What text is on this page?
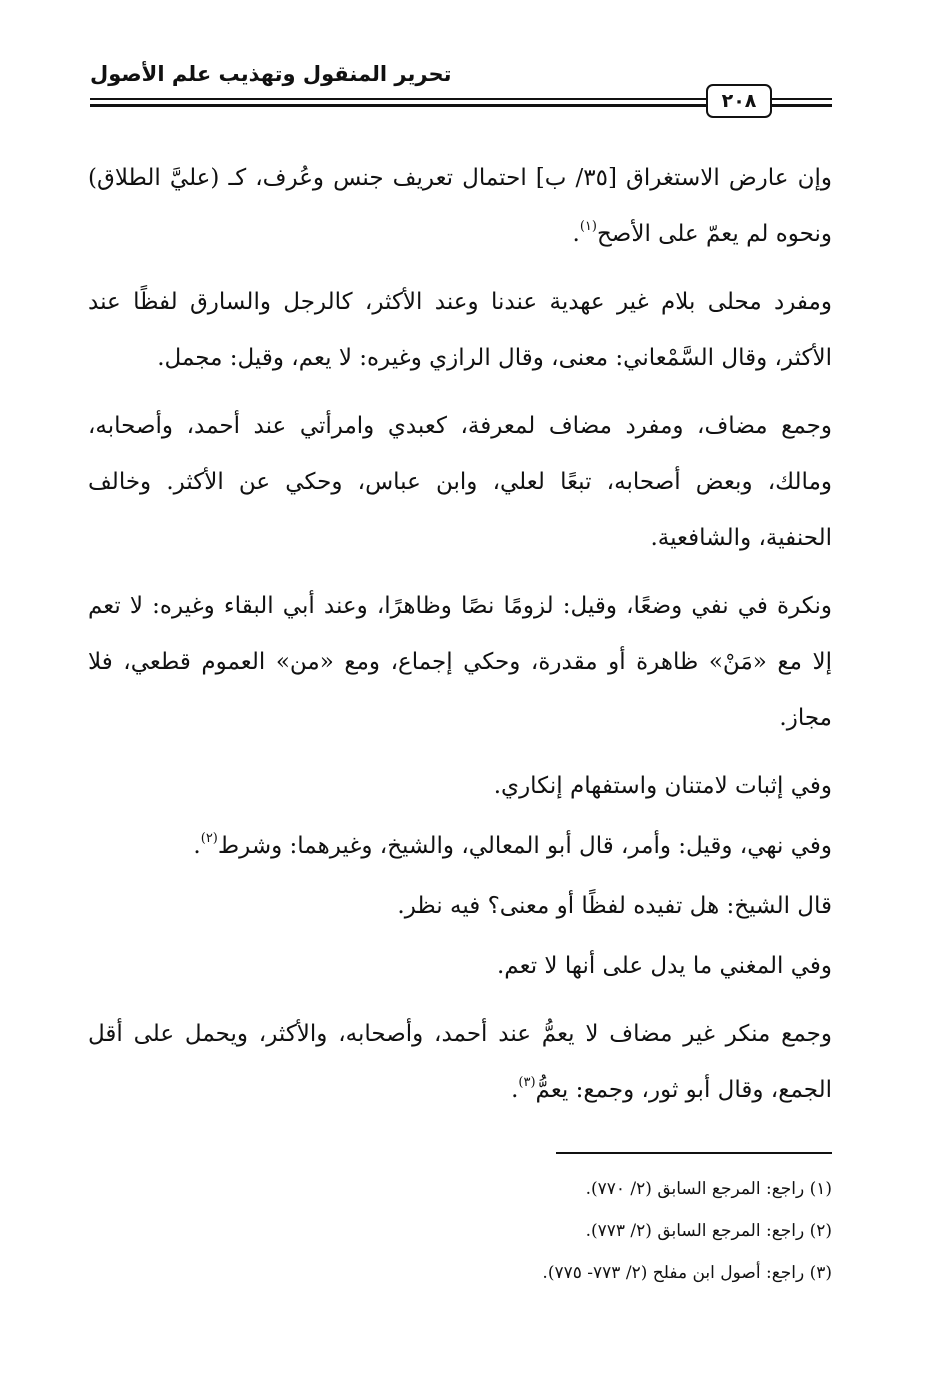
تحرير المنقول وتهذيب علم الأصول
٢٠٨

وإن عارض الاستغراق [٣٥/ ب] احتمال تعريف جنس وعُرف، كـ (عليَّ الطلاق) ونحوه لم يعمّ على الأصح$^{(١)}$.

ومفرد محلى بلام غير عهدية عندنا وعند الأكثر، كالرجل والسارق لفظًا عند الأكثر، وقال السَّمْعاني: معنى، وقال الرازي وغيره: لا يعم، وقيل: مجمل.

وجمع مضاف، ومفرد مضاف لمعرفة، كعبدي وامرأتي عند أحمد، وأصحابه، ومالك، وبعض أصحابه، تبعًا لعلي، وابن عباس، وحكي عن الأكثر. وخالف الحنفية، والشافعية.

ونكرة في نفي وضعًا، وقيل: لزومًا نصًا وظاهرًا، وعند أبي البقاء وغيره: لا تعم إلا مع «مَنْ» ظاهرة أو مقدرة، وحكي إجماع، ومع «من» العموم قطعي، فلا مجاز.

وفي إثبات لامتنان واستفهام إنكاري.

وفي نهي، وقيل: وأمر، قال أبو المعالي، والشيخ، وغيرهما: وشرط$^{(٢)}$.

قال الشيخ: هل تفيده لفظًا أو معنى؟ فيه نظر.

وفي المغني ما يدل على أنها لا تعم.

وجمع منكر غير مضاف لا يعمُّ عند أحمد، وأصحابه، والأكثر، ويحمل على أقل الجمع، وقال أبو ثور، وجمع: يعمُّ$^{(٣)}$.

(١) راجع: المرجع السابق (٢/ ٧٧٠).

(٢) راجع: المرجع السابق (٢/ ٧٧٣).

(٣) راجع: أصول ابن مفلح (٢/ ٧٧٣- ٧٧٥).
